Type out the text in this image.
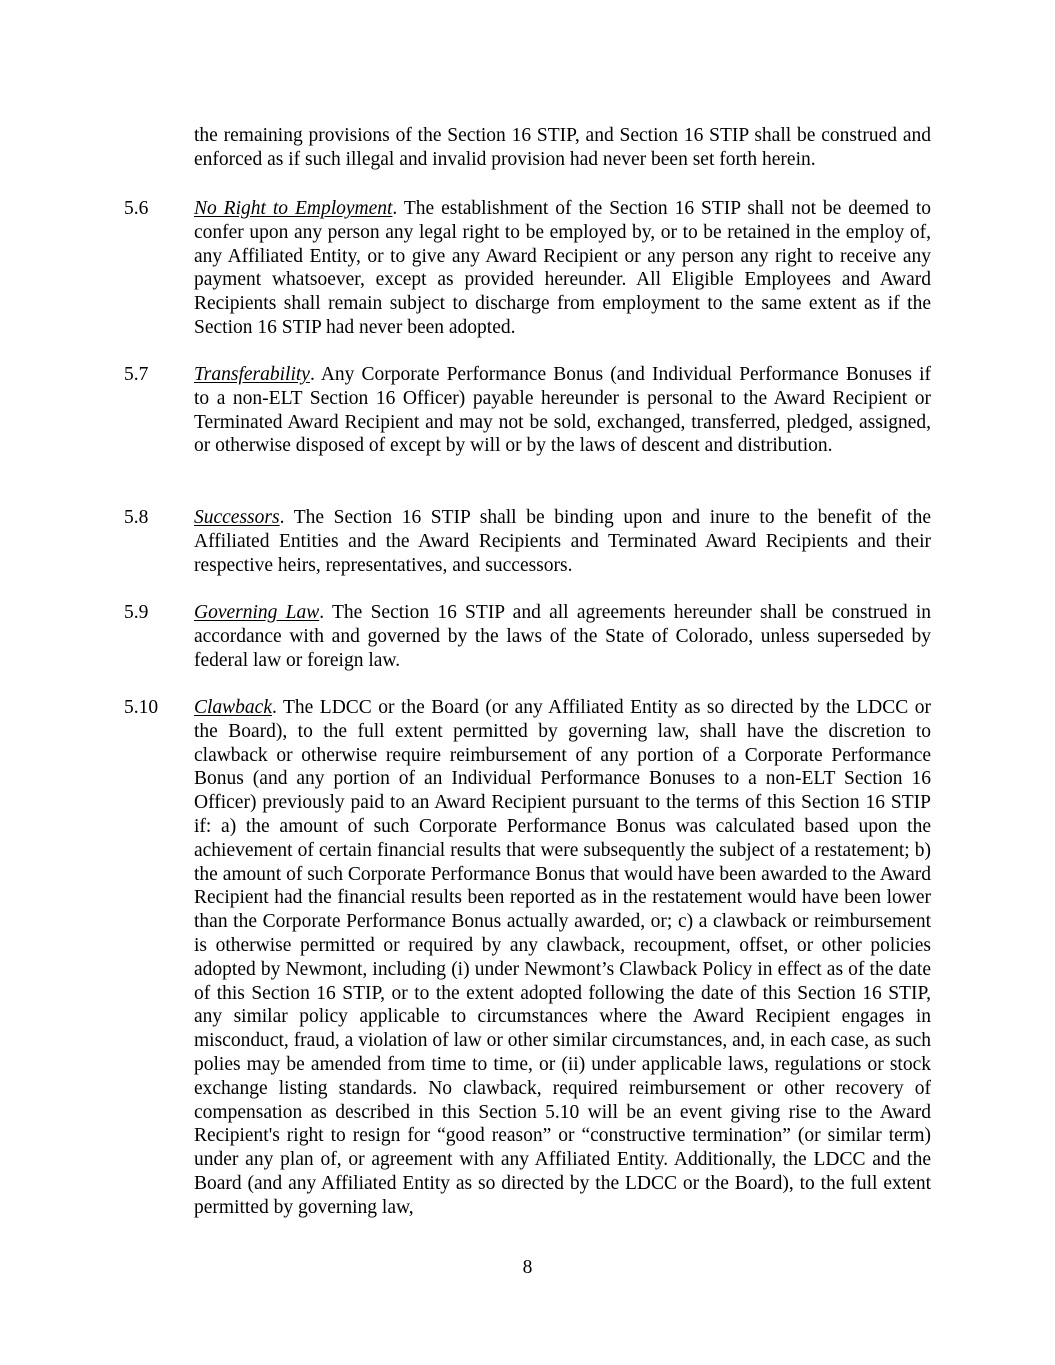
the remaining provisions of the Section 16 STIP, and Section 16 STIP shall be construed and enforced as if such illegal and invalid provision had never been set forth herein.

5.6	No Right to Employment. The establishment of the Section 16 STIP shall not be deemed to confer upon any person any legal right to be employed by, or to be retained in the employ of, any Affiliated Entity, or to give any Award Recipient or any person any right to receive any payment whatsoever, except as provided hereunder. All Eligible Employees and Award Recipients shall remain subject to discharge from employment to the same extent as if the Section 16 STIP had never been adopted.
5.7	Transferability. Any Corporate Performance Bonus (and Individual Performance Bonuses if to a non-ELT Section 16 Officer) payable hereunder is personal to the Award Recipient or Terminated Award Recipient and may not be sold, exchanged, transferred, pledged, assigned, or otherwise disposed of except by will or by the laws of descent and distribution.
5.8	Successors. The Section 16 STIP shall be binding upon and inure to the benefit of the Affiliated Entities and the Award Recipients and Terminated Award Recipients and their respective heirs, representatives, and successors.
5.9	Governing Law. The Section 16 STIP and all agreements hereunder shall be construed in accordance with and governed by the laws of the State of Colorado, unless superseded by federal law or foreign law.
5.10	Clawback. The LDCC or the Board (or any Affiliated Entity as so directed by the LDCC or the Board), to the full extent permitted by governing law, shall have the discretion to clawback or otherwise require reimbursement of any portion of a Corporate Performance Bonus (and any portion of an Individual Performance Bonuses to a non-ELT Section 16 Officer) previously paid to an Award Recipient pursuant to the terms of this Section 16 STIP if: a) the amount of such Corporate Performance Bonus was calculated based upon the achievement of certain financial results that were subsequently the subject of a restatement; b) the amount of such Corporate Performance Bonus that would have been awarded to the Award Recipient had the financial results been reported as in the restatement would have been lower than the Corporate Performance Bonus actually awarded, or; c) a clawback or reimbursement is otherwise permitted or required by any clawback, recoupment, offset, or other policies adopted by Newmont, including (i) under Newmont’s Clawback Policy in effect as of the date of this Section 16 STIP, or to the extent adopted following the date of this Section 16 STIP, any similar policy applicable to circumstances where the Award Recipient engages in misconduct, fraud, a violation of law or other similar circumstances, and, in each case, as such polies may be amended from time to time, or (ii) under applicable laws, regulations or stock exchange listing standards. No clawback, required reimbursement or other recovery of compensation as described in this Section 5.10 will be an event giving rise to the Award Recipient's right to resign for “good reason” or “constructive termination” (or similar term) under any plan of, or agreement with any Affiliated Entity. Additionally, the LDCC and the Board (and any Affiliated Entity as so directed by the LDCC or the Board), to the full extent permitted by governing law,
8
